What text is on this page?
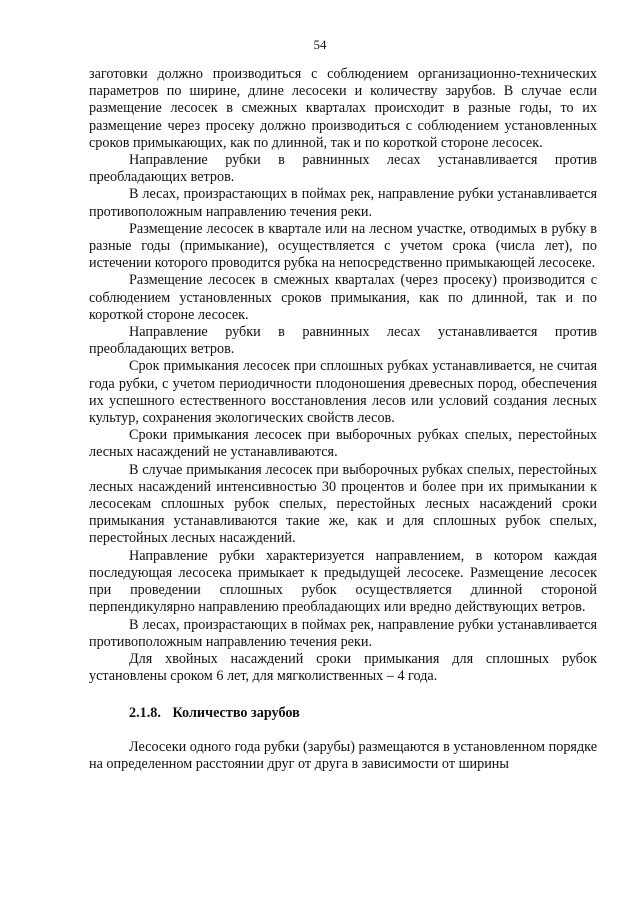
54

заготовки должно производиться с соблюдением организационно-технических параметров по ширине, длине лесосеки и количеству зарубов. В случае если размещение лесосек в смежных кварталах происходит в разные годы, то их размещение через просеку должно производиться с соблюдением установленных сроков примыкающих, как по длинной, так и по короткой стороне лесосек.

Направление рубки в равнинных лесах устанавливается против преобладающих ветров.

В лесах, произрастающих в поймах рек, направление рубки устанавливается противоположным направлению течения реки.

Размещение лесосек в квартале или на лесном участке, отводимых в рубку в разные годы (примыкание), осуществляется с учетом срока (числа лет), по истечении которого проводится рубка на непосредственно примыкающей лесосеке.

Размещение лесосек в смежных кварталах (через просеку) производится с соблюдением установленных сроков примыкания, как по длинной, так и по короткой стороне лесосек.

Направление рубки в равнинных лесах устанавливается против преобладающих ветров.

Срок примыкания лесосек при сплошных рубках устанавливается, не считая года рубки, с учетом периодичности плодоношения древесных пород, обеспечения их успешного естественного восстановления лесов или условий создания лесных культур, сохранения экологических свойств лесов.

Сроки примыкания лесосек при выборочных рубках спелых, перестойных лесных насаждений не устанавливаются.

В случае примыкания лесосек при выборочных рубках спелых, перестойных лесных насаждений интенсивностью 30 процентов и более при их примыкании к лесосекам сплошных рубок спелых, перестойных лесных насаждений сроки примыкания устанавливаются такие же, как и для сплошных рубок спелых, перестойных лесных насаждений.

Направление рубки характеризуется направлением, в котором каждая последующая лесосека примыкает к предыдущей лесосеке. Размещение лесосек при проведении сплошных рубок осуществляется длинной стороной перпендикулярно направлению преобладающих или вредно действующих ветров.

В лесах, произрастающих в поймах рек, направление рубки устанавливается противоположным направлению течения реки.

Для хвойных насаждений сроки примыкания для сплошных рубок установлены сроком 6 лет, для мягколиственных – 4 года.

2.1.8. Количество зарубов

Лесосеки одного года рубки (зарубы) размещаются в установленном порядке на определенном расстоянии друг от друга в зависимости от ширины
